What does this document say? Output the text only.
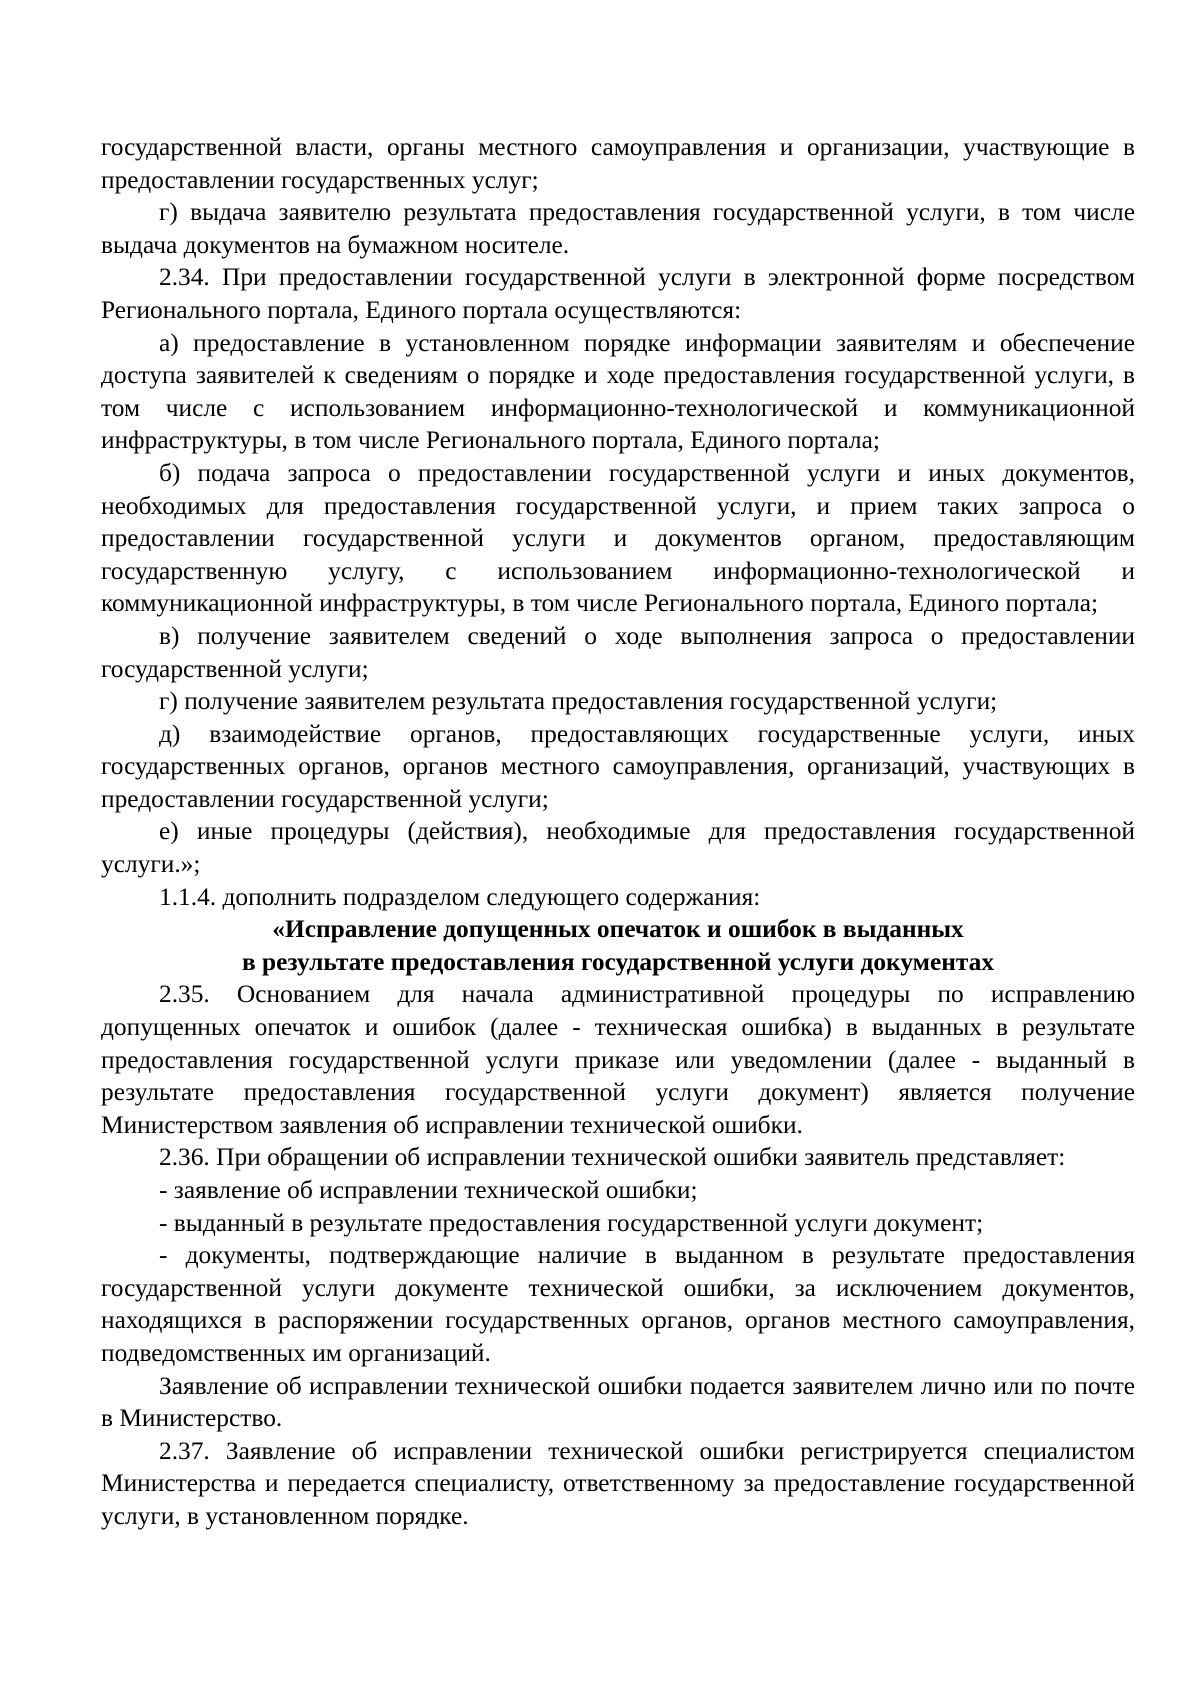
государственной власти, органы местного самоуправления и организации, участвующие в предоставлении государственных услуг;

г) выдача заявителю результата предоставления государственной услуги, в том числе выдача документов на бумажном носителе.

2.34. При предоставлении государственной услуги в электронной форме посредством Регионального портала, Единого портала осуществляются:

а) предоставление в установленном порядке информации заявителям и обеспечение доступа заявителей к сведениям о порядке и ходе предоставления государственной услуги, в том числе с использованием информационно-технологической и коммуникационной инфраструктуры, в том числе Регионального портала, Единого портала;

б) подача запроса о предоставлении государственной услуги и иных документов, необходимых для предоставления государственной услуги, и прием таких запроса о предоставлении государственной услуги и документов органом, предоставляющим государственную услугу, с использованием информационно-технологической и коммуникационной инфраструктуры, в том числе Регионального портала, Единого портала;

в) получение заявителем сведений о ходе выполнения запроса о предоставлении государственной услуги;

г) получение заявителем результата предоставления государственной услуги;

д) взаимодействие органов, предоставляющих государственные услуги, иных государственных органов, органов местного самоуправления, организаций, участвующих в предоставлении государственной услуги;

е) иные процедуры (действия), необходимые для предоставления государственной услуги.»;

1.1.4. дополнить подразделом следующего содержания:

«Исправление допущенных опечаток и ошибок в выданных
в результате предоставления государственной услуги документах

2.35. Основанием для начала административной процедуры по исправлению допущенных опечаток и ошибок (далее - техническая ошибка) в выданных в результате предоставления государственной услуги приказе или уведомлении (далее - выданный в результате предоставления государственной услуги документ) является получение Министерством заявления об исправлении технической ошибки.

2.36. При обращении об исправлении технической ошибки заявитель представляет:

- заявление об исправлении технической ошибки;

- выданный в результате предоставления государственной услуги документ;

- документы, подтверждающие наличие в выданном в результате предоставления государственной услуги документе технической ошибки, за исключением документов, находящихся в распоряжении государственных органов, органов местного самоуправления, подведомственных им организаций.

Заявление об исправлении технической ошибки подается заявителем лично или по почте в Министерство.

2.37. Заявление об исправлении технической ошибки регистрируется специалистом Министерства и передается специалисту, ответственному за предоставление государственной услуги, в установленном порядке.
